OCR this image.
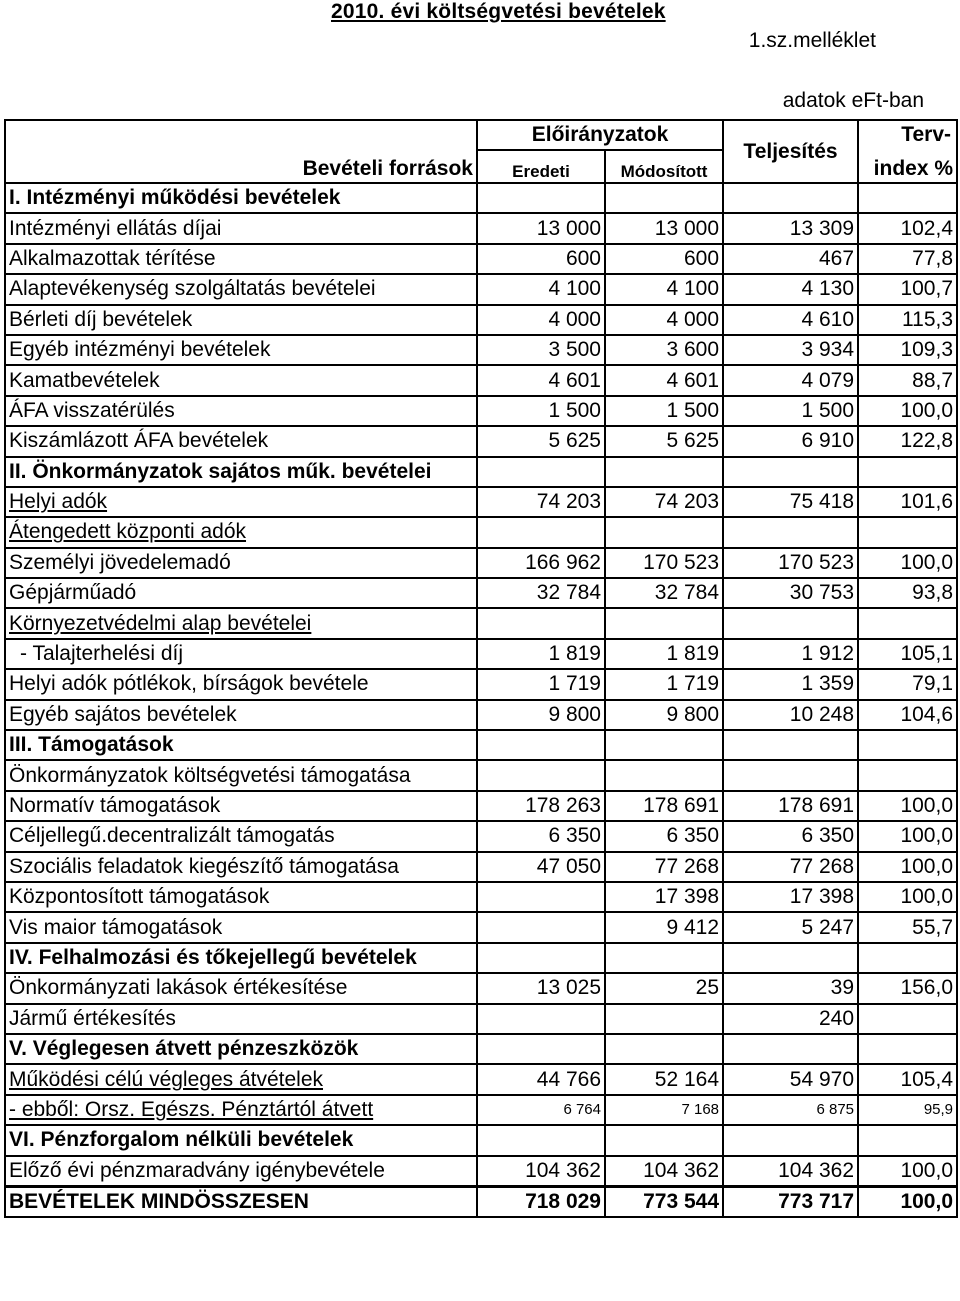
2010. évi költségvetési bevételek
1.sz.melléklet
adatok eFt-ban
Bevételi források	Előirányzatok		Teljesítés	Terv-
index %

	Eredeti	Módosított		
I. Intézményi működési bevételek				
Intézményi ellátás díjai	13 000	13 000	13 309	102,4
Alkalmazottak térítése	600	600	467	77,8
Alaptevékenység szolgáltatás bevételei	4 100	4 100	4 130	100,7
Bérleti díj bevételek	4 000	4 000	4 610	115,3
Egyéb intézményi bevételek	3 500	3 600	3 934	109,3
Kamatbevételek	4 601	4 601	4 079	88,7
ÁFA visszatérülés	1 500	1 500	1 500	100,0
Kiszámlázott ÁFA bevételek	5 625	5 625	6 910	122,8
II. Önkormányzatok sajátos műk. bevételei				
Helyi adók	74 203	74 203	75 418	101,6
Átengedett központi adók				
Személyi jövedelemadó	166 962	170 523	170 523	100,0
Gépjárműadó	32 784	32 784	30 753	93,8
Környezetvédelmi alap bevételei				
- Talajterhelési díj	1 819	1 819	1 912	105,1
Helyi adók pótlékok, bírságok bevétele	1 719	1 719	1 359	79,1
Egyéb sajátos bevételek	9 800	9 800	10 248	104,6
III. Támogatások				
Önkormányzatok költségvetési támogatása				
Normatív támogatások	178 263	178 691	178 691	100,0
Céljellegű.decentralizált támogatás	6 350	6 350	6 350	100,0
Szociális feladatok kiegészítő támogatása	47 050	77 268	77 268	100,0
Központosított támogatások		17 398	17 398	100,0
Vis maior támogatások		9 412	5 247	55,7
IV. Felhalmozási és tőkejellegű bevételek				
Önkormányzati lakások értékesítése	13 025	25	39	156,0
Jármű értékesítés			240	
V. Véglegesen átvett pénzeszközök				
Működési célú végleges átvételek	44 766	52 164	54 970	105,4
- ebből: Orsz. Egészs. Pénztártól átvett	6 764	7 168	6 875	95,9
VI. Pénzforgalom nélküli bevételek				
Előző évi pénzmaradvány igénybevétele	104 362	104 362	104 362	100,0
BEVÉTELEK MINDÖSSZESEN	718 029	773 544	773 717	100,0
